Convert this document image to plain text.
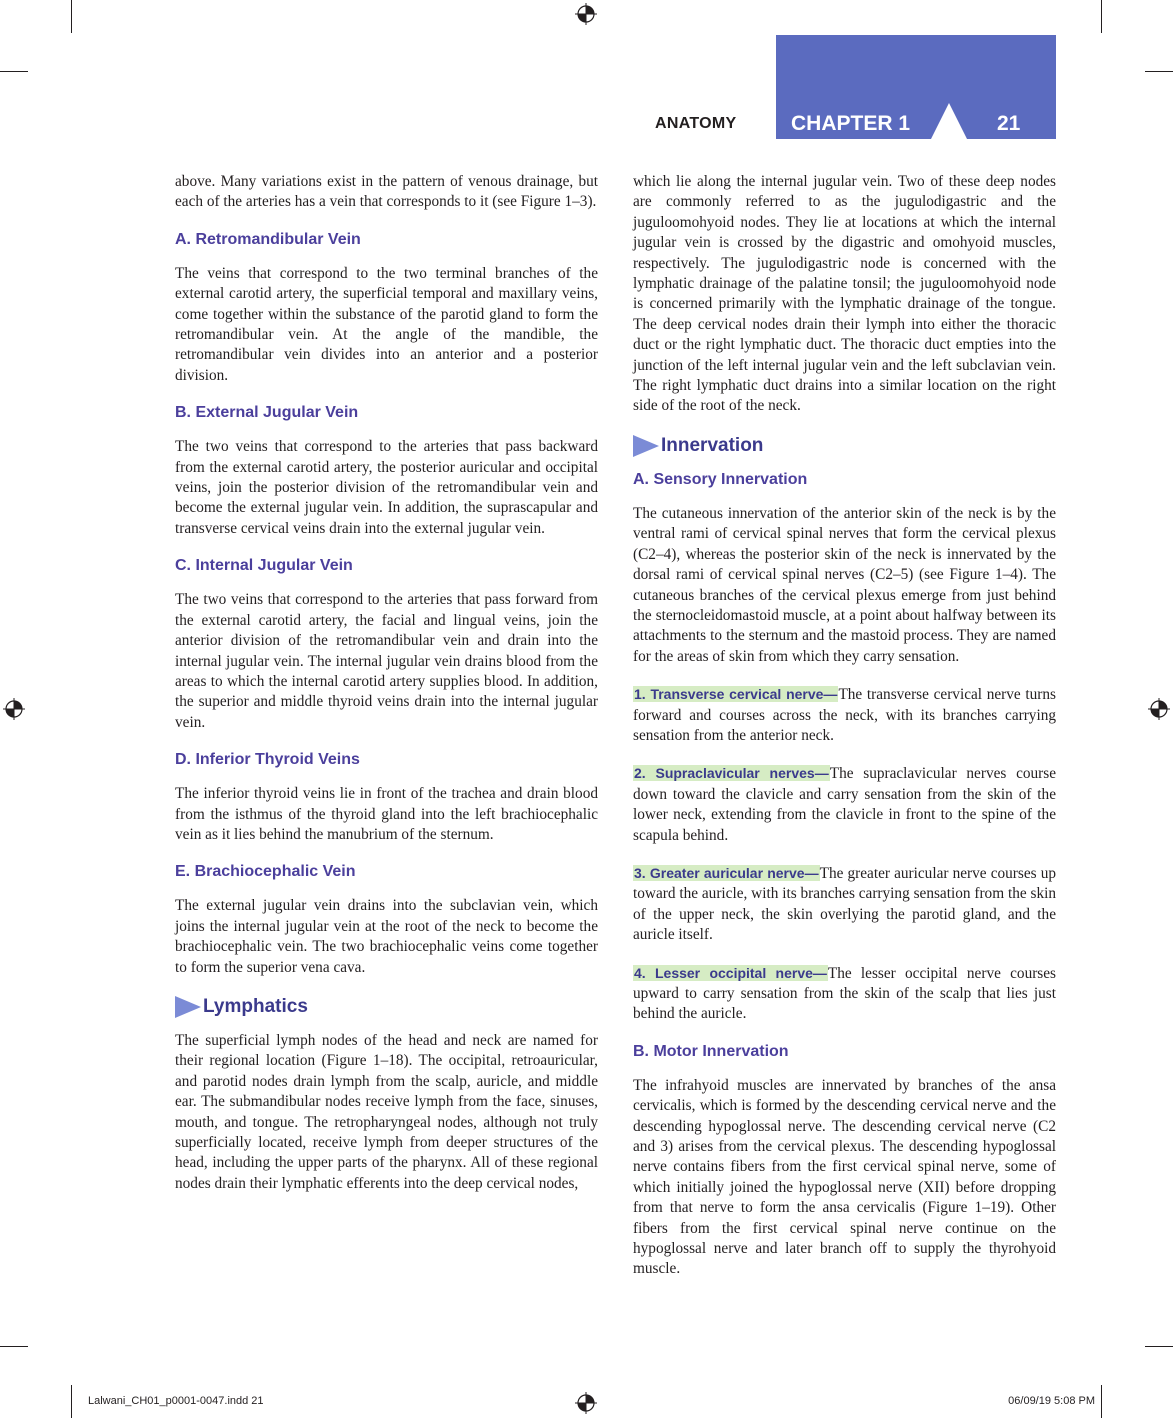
ANATOMY	CHAPTER 1	21

above. Many variations exist in the pattern of venous drainage, but each of the arteries has a vein that corresponds to it (see Figure 1–3).

A. Retromandibular Vein

The veins that correspond to the two terminal branches of the external carotid artery, the superficial temporal and maxillary veins, come together within the substance of the parotid gland to form the retromandibular vein. At the angle of the mandible, the retromandibular vein divides into an anterior and a posterior division.

B. External Jugular Vein

The two veins that correspond to the arteries that pass backward from the external carotid artery, the posterior auricular and occipital veins, join the posterior division of the retromandibular vein and become the external jugular vein. In addition, the suprascapular and transverse cervical veins drain into the external jugular vein.

C. Internal Jugular Vein

The two veins that correspond to the arteries that pass forward from the external carotid artery, the facial and lingual veins, join the anterior division of the retromandibular vein and drain into the internal jugular vein. The internal jugular vein drains blood from the areas to which the internal carotid artery supplies blood. In addition, the superior and middle thyroid veins drain into the internal jugular vein.

D. Inferior Thyroid Veins

The inferior thyroid veins lie in front of the trachea and drain blood from the isthmus of the thyroid gland into the left brachiocephalic vein as it lies behind the manubrium of the sternum.

E. Brachiocephalic Vein

The external jugular vein drains into the subclavian vein, which joins the internal jugular vein at the root of the neck to become the brachiocephalic vein. The two brachiocephalic veins come together to form the superior vena cava.

Lymphatics

The superficial lymph nodes of the head and neck are named for their regional location (Figure 1–18). The occipital, retroauricular, and parotid nodes drain lymph from the scalp, auricle, and middle ear. The submandibular nodes receive lymph from the face, sinuses, mouth, and tongue. The retropharyngeal nodes, although not truly superficially located, receive lymph from deeper structures of the head, including the upper parts of the pharynx. All of these regional nodes drain their lymphatic efferents into the deep cervical nodes,

which lie along the internal jugular vein. Two of these deep nodes are commonly referred to as the jugulodigastric and the juguloomohyoid nodes. They lie at locations at which the internal jugular vein is crossed by the digastric and omohyoid muscles, respectively. The jugulodigastric node is concerned with the lymphatic drainage of the palatine tonsil; the juguloomohyoid node is concerned primarily with the lymphatic drainage of the tongue. The deep cervical nodes drain their lymph into either the thoracic duct or the right lymphatic duct. The thoracic duct empties into the junction of the left internal jugular vein and the left subclavian vein. The right lymphatic duct drains into a similar location on the right side of the root of the neck.

Innervation
A. Sensory Innervation

The cutaneous innervation of the anterior skin of the neck is by the ventral rami of cervical spinal nerves that form the cervical plexus (C2–4), whereas the posterior skin of the neck is innervated by the dorsal rami of cervical spinal nerves (C2–5) (see Figure 1–4). The cutaneous branches of the cervical plexus emerge from just behind the sternocleidomastoid muscle, at a point about halfway between its attachments to the sternum and the mastoid process. They are named for the areas of skin from which they carry sensation.

1. Transverse cervical nerve—The transverse cervical nerve turns forward and courses across the neck, with its branches carrying sensation from the anterior neck.

2. Supraclavicular nerves—The supraclavicular nerves course down toward the clavicle and carry sensation from the skin of the lower neck, extending from the clavicle in front to the spine of the scapula behind.

3. Greater auricular nerve—The greater auricular nerve courses up toward the auricle, with its branches carrying sensation from the skin of the upper neck, the skin overlying the parotid gland, and the auricle itself.

4. Lesser occipital nerve—The lesser occipital nerve courses upward to carry sensation from the skin of the scalp that lies just behind the auricle.

B. Motor Innervation

The infrahyoid muscles are innervated by branches of the ansa cervicalis, which is formed by the descending cervical nerve and the descending hypoglossal nerve. The descending cervical nerve (C2 and 3) arises from the cervical plexus. The descending hypoglossal nerve contains fibers from the first cervical spinal nerve, some of which initially joined the hypoglossal nerve (XII) before dropping from that nerve to form the ansa cervicalis (Figure 1–19). Other fibers from the first cervical spinal nerve continue on the hypoglossal nerve and later branch off to supply the thyrohyoid muscle.

Lalwani_CH01_p0001-0047.indd 21	06/09/19 5:08 PM
